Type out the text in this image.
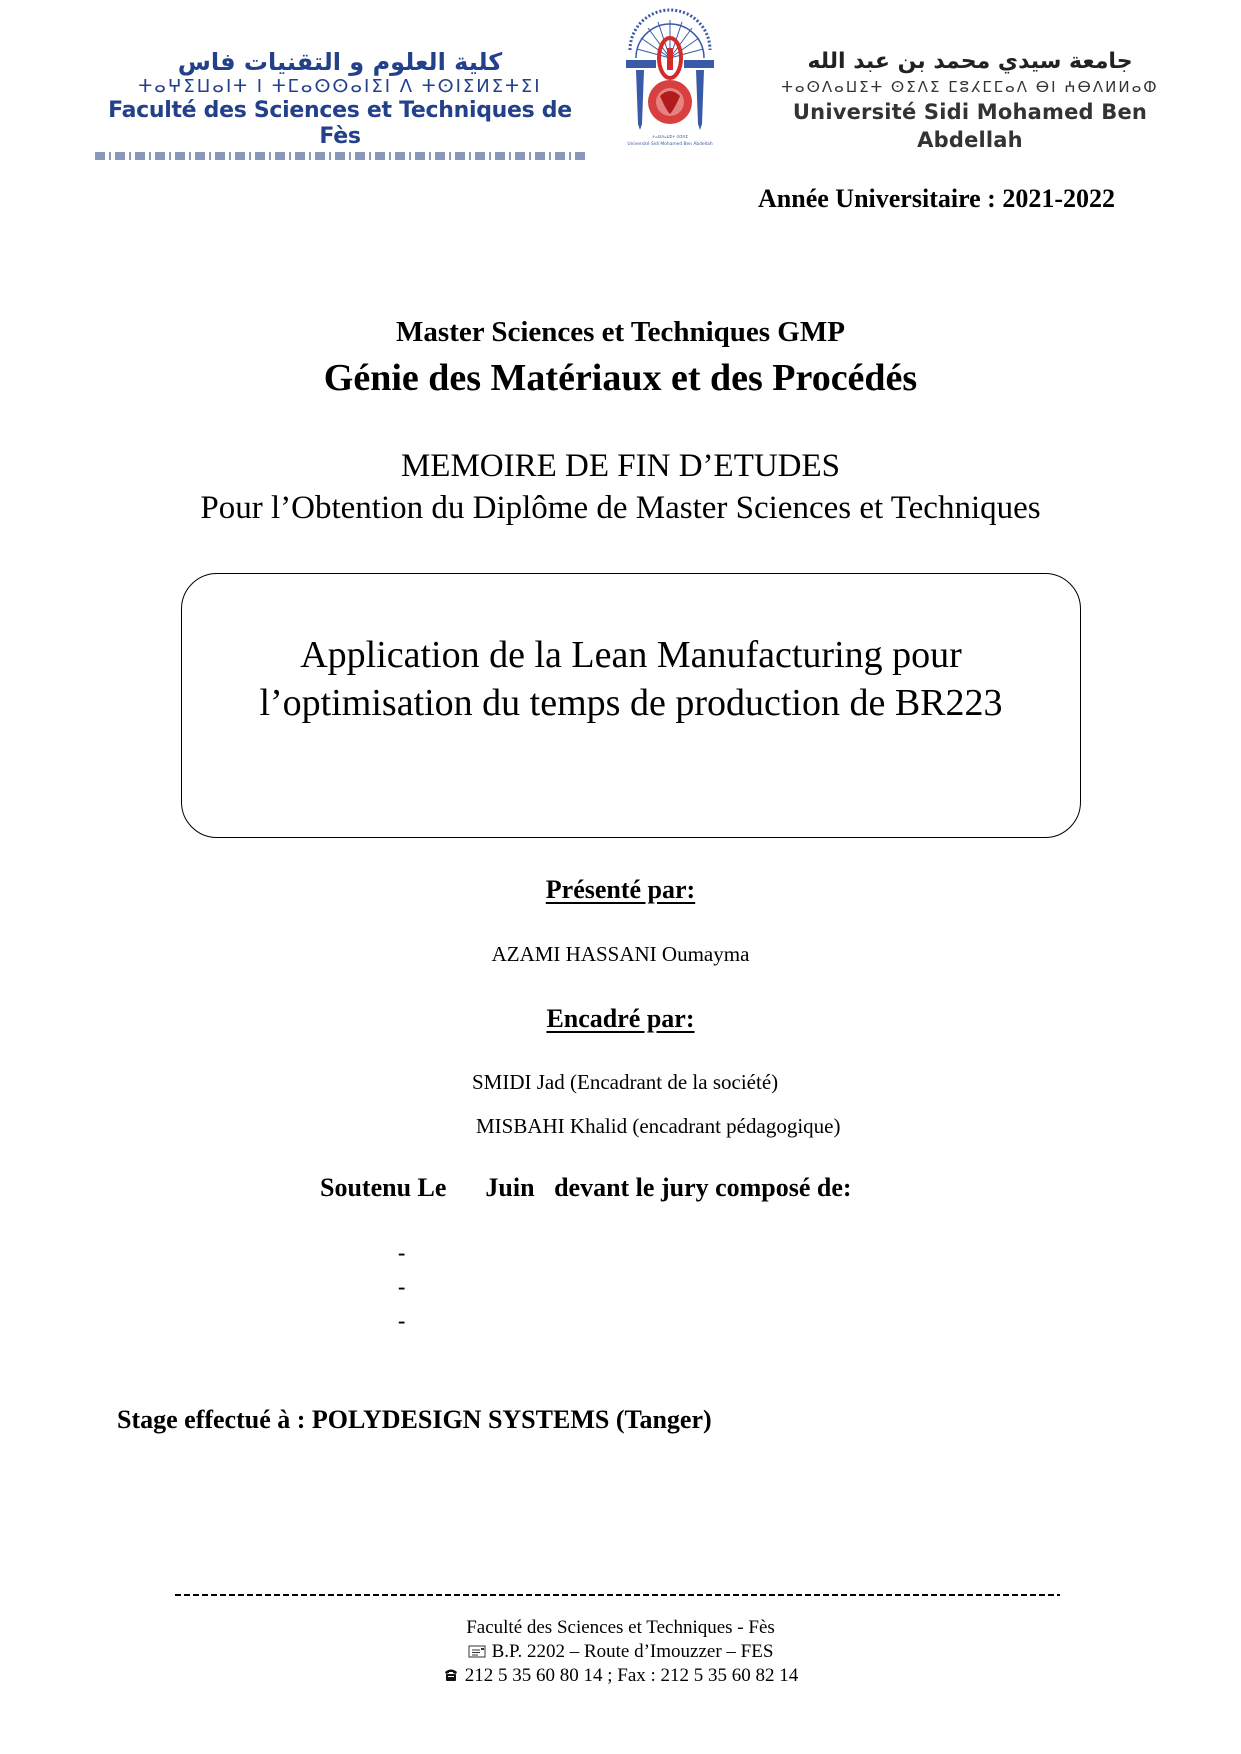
كلية العلوم و التقنيات فاس
ⵜⴰⵖⵉⵡⴰⵏⵜ ⵏ ⵜⵎⴰⵙⵙⴰⵏⵉⵏ ⴷ ⵜⵙⵏⵉⵍⵉⵜⵉⵏ
Faculté des Sciences et Techniques de Fès	ⵜⴰⵙⴷⴰⵡⵉⵜ ⵙⵉⴷⵉ
Université Sidi Mohamed Ben Abdellah
جامعة سيدي محمد بن عبد الله
ⵜⴰⵙⴷⴰⵡⵉⵜ ⵙⵉⴷⵉ ⵎⵓⵃⵎⵎⴰⴷ ⴱⵏ ⵄⴱⴷⵍⵍⴰⵀ
Université Sidi Mohamed Ben Abdellah
Année Universitaire : 2021-2022
Master Sciences et Techniques GMP
Génie des Matériaux et des Procédés
MEMOIRE DE FIN D’ETUDES
Pour l’Obtention du Diplôme de Master Sciences et Techniques
Application de la Lean Manufacturing pour
l’optimisation du temps de production de BR223
Présenté par:
AZAMI HASSANI Oumayma
Encadré par:
SMIDI Jad (Encadrant de la société)
MISBAHI Khalid (encadrant pédagogique)
Soutenu Le      Juin   devant le jury composé de:
-
-
-
Stage effectué à : POLYDESIGN SYSTEMS (Tanger)
Faculté des Sciences et Techniques - Fès
B.P. 2202 – Route d’Imouzzer – FES
212 5 35 60 80 14 ; Fax : 212 5 35 60 82 14
